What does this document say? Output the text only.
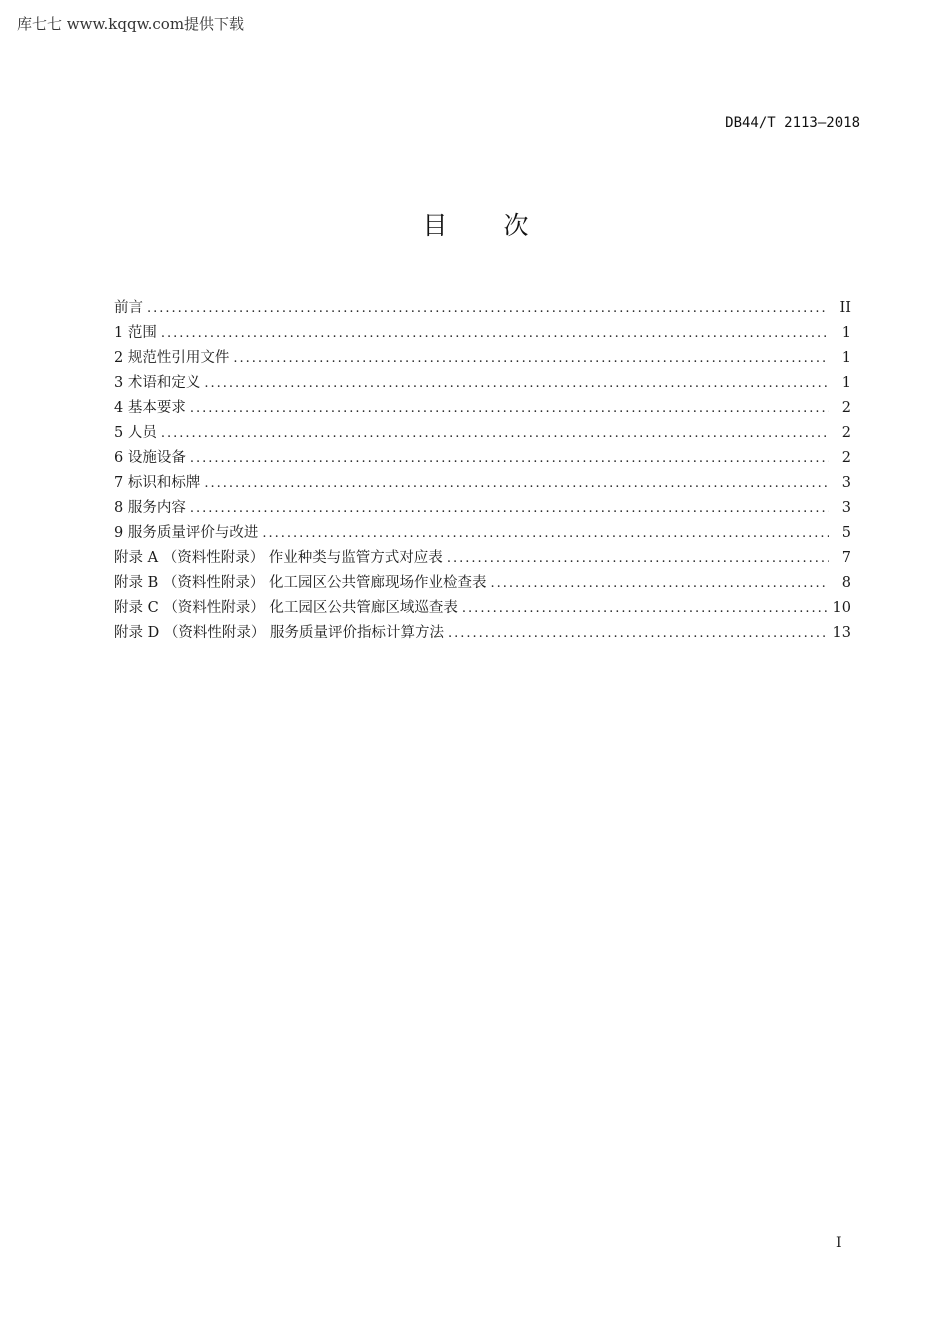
库七七 www.kqqw.com提供下载
DB44/T 2113—2018
目 次
前言 .....	II
1 范围 .....	1
2 规范性引用文件 .....	1
3 术语和定义 .....	1
4 基本要求 .....	2
5 人员 .....	2
6 设施设备 .....	2
7 标识和标牌 .....	3
8 服务内容 .....	3
9 服务质量评价与改进 .....	5
附录 A （资料性附录） 作业种类与监管方式对应表 .....	7
附录 B （资料性附录） 化工园区公共管廊现场作业检查表 .....	8
附录 C （资料性附录） 化工园区公共管廊区域巡查表 .....	10
附录 D （资料性附录） 服务质量评价指标计算方法 .....	13
I
